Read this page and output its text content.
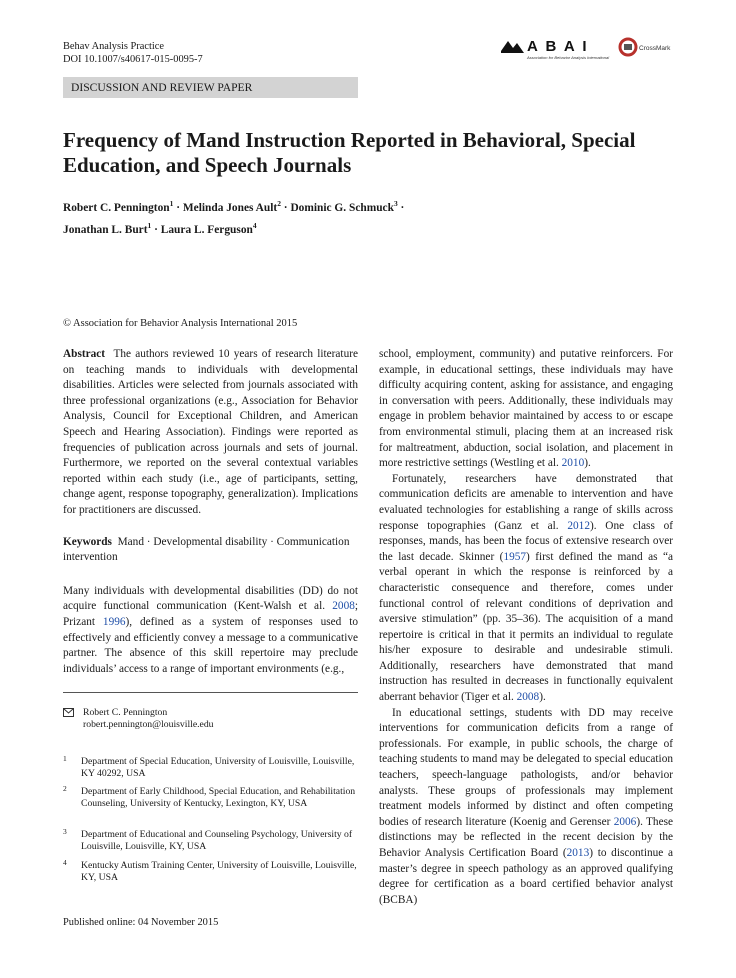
Behav Analysis Practice
DOI 10.1007/s40617-015-0095-7
A B A I
Association for Behavior Analysis International
CrossMark
DISCUSSION AND REVIEW PAPER
Frequency of Mand Instruction Reported in Behavioral, Special Education, and Speech Journals
Robert C. Pennington$^1$ · Melinda Jones Ault$^2$ · Dominic G. Schmuck$^3$ ·
Jonathan L. Burt$^1$ · Laura L. Ferguson$^4$
© Association for Behavior Analysis International 2015

Abstract The authors reviewed 10 years of research literature on teaching mands to individuals with developmental disabilities. Articles were selected from journals associated with three professional organizations (e.g., Association for Behavior Analysis, Council for Exceptional Children, and American Speech and Hearing Association). Findings were reported as frequencies of publication across journals and sets of journal. Furthermore, we reported on the several contextual variables reported within each study (i.e., age of participants, setting, change agent, response topography, generalization). Implications for practitioners are discussed.

Keywords Mand · Developmental disability · Communication intervention

Many individuals with developmental disabilities (DD) do not acquire functional communication (Kent-Walsh et al. 2008; Prizant 1996), defined as a system of responses used to effectively and efficiently convey a message to a communicative partner. The absence of this skill repertoire may preclude individuals’ access to a range of important environments (e.g.,

Robert C. Pennington
robert.pennington@louisville.edu
1 Department of Special Education, University of Louisville, Louisville, KY 40292, USA
2 Department of Early Childhood, Special Education, and Rehabilitation Counseling, University of Kentucky, Lexington, KY, USA
3 Department of Educational and Counseling Psychology, University of Louisville, Louisville, KY, USA
4 Kentucky Autism Training Center, University of Louisville, Louisville, KY, USA
Published online: 04 November 2015

school, employment, community) and putative reinforcers. For example, in educational settings, these individuals may have difficulty acquiring content, asking for assistance, and engaging in conversation with peers. Additionally, these individuals may engage in problem behavior maintained by access to or escape from environmental stimuli, placing them at an increased risk for maltreatment, abduction, social isolation, and placement in more restrictive settings (Westling et al. 2010).

Fortunately, researchers have demonstrated that communication deficits are amenable to intervention and have evaluated technologies for establishing a range of skills across response topographies (Ganz et al. 2012). One class of responses, mands, has been the focus of extensive research over the last decade. Skinner (1957) first defined the mand as “a verbal operant in which the response is reinforced by a characteristic consequence and therefore, comes under functional control of relevant conditions of deprivation and aversive stimulation” (pp. 35–36). The acquisition of a mand repertoire is critical in that it permits an individual to regulate his/her exposure to desirable and undesirable stimuli. Additionally, researchers have demonstrated that mand instruction has resulted in decreases in functionally equivalent aberrant behavior (Tiger et al. 2008).

In educational settings, students with DD may receive interventions for communication deficits from a range of professionals. For example, in public schools, the charge of teaching students to mand may be delegated to special education teachers, speech-language pathologists, and/or behavior analysts. These groups of professionals may implement treatment models informed by distinct and often competing bodies of research literature (Koenig and Gerenser 2006). These distinctions may be reflected in the recent decision by the Behavior Analysis Certification Board (2013) to discontinue a master’s degree in speech pathology as an approved qualifying degree for certification as a board certified behavior analyst (BCBA)
